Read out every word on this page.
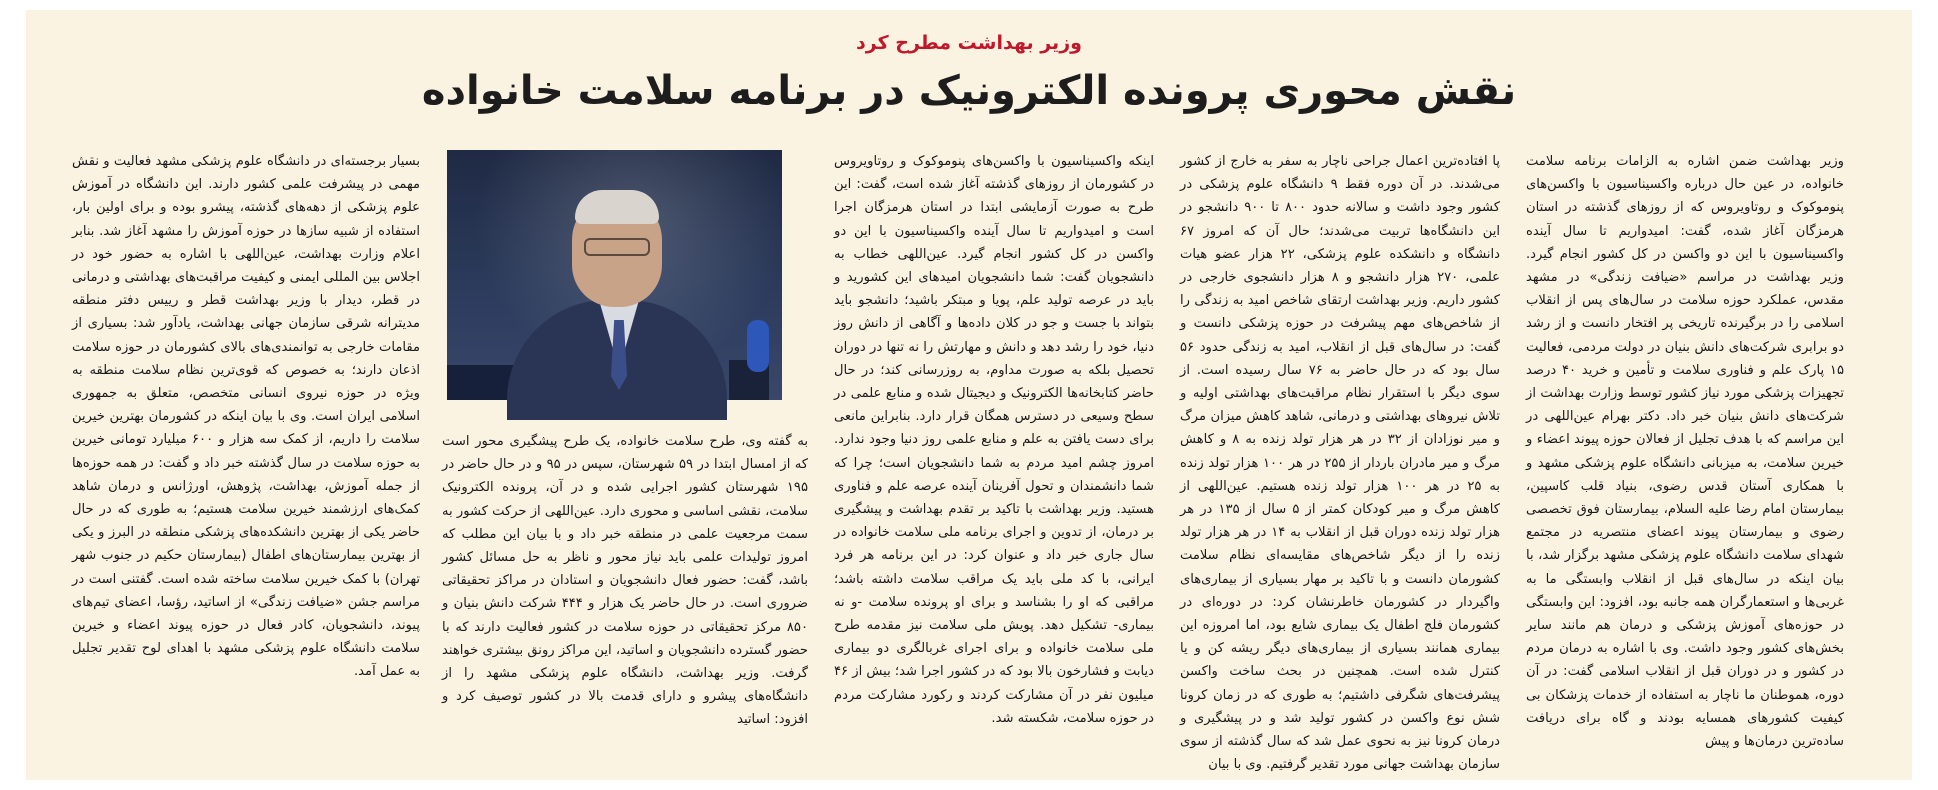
وزیر بهداشت مطرح کرد
نقش محوری پرونده الکترونیک در برنامه سلامت خانواده

وزیر بهداشت ضمن اشاره به الزامات برنامه سلامت خانواده، در عین حال درباره واکسیناسیون با واکسن‌های پنوموکوک و روتاویروس که از روزهای گذشته در استان هرمزگان آغاز شده، گفت: امیدواریم تا سال آینده واکسیناسیون با این دو واکسن در کل کشور انجام گیرد. وزیر بهداشت در مراسم «ضیافت زندگی» در مشهد مقدس، عملکرد حوزه سلامت در سال‌های پس از انقلاب اسلامی را در برگیرنده تاریخی پر افتخار دانست و از رشد دو برابری شرکت‌های دانش بنیان در دولت مردمی، فعالیت ۱۵ پارک علم و فناوری سلامت و تأمین و خرید ۴۰ درصد تجهیزات پزشکی مورد نیاز کشور توسط وزارت بهداشت از شرکت‌های دانش بنیان خبر داد. دکتر بهرام عین‌اللهی در این مراسم که با هدف تجلیل از فعالان حوزه پیوند اعضاء و خیرین سلامت، به میزبانی دانشگاه علوم پزشکی مشهد و با همکاری آستان قدس رضوی، بنیاد قلب کاسپین، بیمارستان امام رضا علیه السلام، بیمارستان فوق تخصصی رضوی و بیمارستان پیوند اعضای منتصریه در مجتمع شهدای سلامت دانشگاه علوم پزشکی مشهد برگزار شد، با بیان اینکه در سال‌های قبل از انقلاب وابستگی ما به غربی‌ها و استعمارگران همه جانبه بود، افزود: این وابستگی در حوزه‌های آموزش پزشکی و درمان هم مانند سایر بخش‌های کشور وجود داشت. وی با اشاره به درمان مردم در کشور و در دوران قبل از انقلاب اسلامی گفت: در آن دوره، هموطنان ما ناچار به استفاده از خدمات پزشکان بی کیفیت کشورهای همسایه بودند و گاه برای دریافت ساده‌ترین درمان‌ها و پیش

پا افتاده‌ترین اعمال جراحی ناچار به سفر به خارج از کشور می‌شدند. در آن دوره فقط ۹ دانشگاه علوم پزشکی در کشور وجود داشت و سالانه حدود ۸۰۰ تا ۹۰۰ دانشجو در این دانشگاه‌ها تربیت می‌شدند؛ حال آن که امروز ۶۷ دانشگاه و دانشکده علوم پزشکی، ۲۲ هزار عضو هیات علمی، ۲۷۰ هزار دانشجو و ۸ هزار دانشجوی خارجی در کشور داریم. وزیر بهداشت ارتقای شاخص امید به زندگی را از شاخص‌های مهم پیشرفت در حوزه پزشکی دانست و گفت: در سال‌های قبل از انقلاب، امید به زندگی حدود ۵۶ سال بود که در حال حاضر به ۷۶ سال رسیده است. از سوی دیگر با استقرار نظام مراقبت‌های بهداشتی اولیه و تلاش نیروهای بهداشتی و درمانی، شاهد کاهش میزان مرگ و میر نوزادان از ۳۲ در هر هزار تولد زنده به ۸ و کاهش مرگ و میر مادران باردار از ۲۵۵ در هر ۱۰۰ هزار تولد زنده به ۲۵ در هر ۱۰۰ هزار تولد زنده هستیم. عین‌اللهی از کاهش مرگ و میر کودکان کمتر از ۵ سال از ۱۳۵ در هر هزار تولد زنده دوران قبل از انقلاب به ۱۴ در هر هزار تولد زنده را از دیگر شاخص‌های مقایسه‌ای نظام سلامت کشورمان دانست و با تاکید بر مهار بسیاری از بیماری‌های واگیردار در کشورمان خاطرنشان کرد: در دوره‌ای در کشورمان فلج اطفال یک بیماری شایع بود، اما امروزه این بیماری همانند بسیاری از بیماری‌های دیگر ریشه کن و یا کنترل شده است. همچنین در بحث ساخت واکسن پیشرفت‌های شگرفی داشتیم؛ به طوری که در زمان کرونا شش نوع واکسن در کشور تولید شد و در پیشگیری و درمان کرونا نیز به نحوی عمل شد که سال گذشته از سوی سازمان بهداشت جهانی مورد تقدیر گرفتیم. وی با بیان

اینکه واکسیناسیون با واکسن‌های پنوموکوک و روتاویروس در کشورمان از روزهای گذشته آغاز شده است، گفت: این طرح به صورت آزمایشی ابتدا در استان هرمزگان اجرا است و امیدواریم تا سال آینده واکسیناسیون با این دو واکسن در کل کشور انجام گیرد. عین‌اللهی خطاب به دانشجویان گفت: شما دانشجویان امیدهای این کشورید و باید در عرصه تولید علم، پویا و مبتکر باشید؛ دانشجو باید بتواند با جست و جو در کلان داده‌ها و آگاهی از دانش روز دنیا، خود را رشد دهد و دانش و مهارتش را نه تنها در دوران تحصیل بلکه به صورت مداوم، به روزرسانی کند؛ در حال حاضر کتابخانه‌ها الکترونیک و دیجیتال شده و منابع علمی در سطح وسیعی در دسترس همگان قرار دارد. بنابراین مانعی برای دست یافتن به علم و منابع علمی روز دنیا وجود ندارد. امروز چشم امید مردم به شما دانشجویان است؛ چرا که شما دانشمندان و تحول آفرینان آینده عرصه علم و فناوری هستید. وزیر بهداشت با تاکید بر تقدم بهداشت و پیشگیری بر درمان، از تدوین و اجرای برنامه ملی سلامت خانواده در سال جاری خبر داد و عنوان کرد: در این برنامه هر فرد ایرانی، با کد ملی باید یک مراقب سلامت داشته باشد؛ مراقبی که او را بشناسد و برای او پرونده سلامت -و نه بیماری- تشکیل دهد. پویش ملی سلامت نیز مقدمه طرح ملی سلامت خانواده و برای اجرای غربالگری دو بیماری دیابت و فشارخون بالا بود که در کشور اجرا شد؛ بیش از ۴۶ میلیون نفر در آن مشارکت کردند و رکورد مشارکت مردم در حوزه سلامت، شکسته شد.

به گفته وی، طرح سلامت خانواده، یک طرح پیشگیری محور است که از امسال ابتدا در ۵۹ شهرستان، سپس در ۹۵ و در حال حاضر در ۱۹۵ شهرستان کشور اجرایی شده و در آن، پرونده الکترونیک سلامت، نقشی اساسی و محوری دارد. عین‌اللهی از حرکت کشور به سمت مرجعیت علمی در منطقه خبر داد و با بیان این مطلب که امروز تولیدات علمی باید نیاز محور و ناظر به حل مسائل کشور باشد، گفت: حضور فعال دانشجویان و استادان در مراکز تحقیقاتی ضروری است. در حال حاضر یک هزار و ۴۴۴ شرکت دانش بنیان و ۸۵۰ مرکز تحقیقاتی در حوزه سلامت در کشور فعالیت دارند که با حضور گسترده دانشجویان و اساتید، این مراکز رونق بیشتری خواهند گرفت. وزیر بهداشت، دانشگاه علوم پزشکی مشهد را از دانشگاه‌های پیشرو و دارای قدمت بالا در کشور توصیف کرد و افزود: اساتید

بسیار برجسته‌ای در دانشگاه علوم پزشکی مشهد فعالیت و نقش مهمی در پیشرفت علمی کشور دارند. این دانشگاه در آموزش علوم پزشکی از دهه‌های گذشته، پیشرو بوده و برای اولین بار، استفاده از شبیه سازها در حوزه آموزش را مشهد آغاز شد. بنابر اعلام وزارت بهداشت، عین‌اللهی با اشاره به حضور خود در اجلاس بین المللی ایمنی و کیفیت مراقبت‌های بهداشتی و درمانی در قطر، دیدار با وزیر بهداشت قطر و رییس دفتر منطقه مدیترانه شرقی سازمان جهانی بهداشت، یادآور شد: بسیاری از مقامات خارجی به توانمندی‌های بالای کشورمان در حوزه سلامت اذعان دارند؛ به خصوص که قوی‌ترین نظام سلامت منطقه به ویژه در حوزه نیروی انسانی متخصص، متعلق به جمهوری اسلامی ایران است. وی با بیان اینکه در کشورمان بهترین خیرین سلامت را داریم، از کمک سه هزار و ۶۰۰ میلیارد تومانی خیرین به حوزه سلامت در سال گذشته خبر داد و گفت: در همه حوزه‌ها از جمله آموزش، بهداشت، پژوهش، اورژانس و درمان شاهد کمک‌های ارزشمند خیرین سلامت هستیم؛ به طوری که در حال حاضر یکی از بهترین دانشکده‌های پزشکی منطقه در البرز و یکی از بهترین بیمارستان‌های اطفال (بیمارستان حکیم در جنوب شهر تهران) با کمک خیرین سلامت ساخته شده است. گفتنی است در مراسم جشن «ضیافت زندگی» از اساتید، رؤسا، اعضای تیم‌های پیوند، دانشجویان، کادر فعال در حوزه پیوند اعضاء و خیرین سلامت دانشگاه علوم پزشکی مشهد با اهدای لوح تقدیر تجلیل به عمل آمد.
